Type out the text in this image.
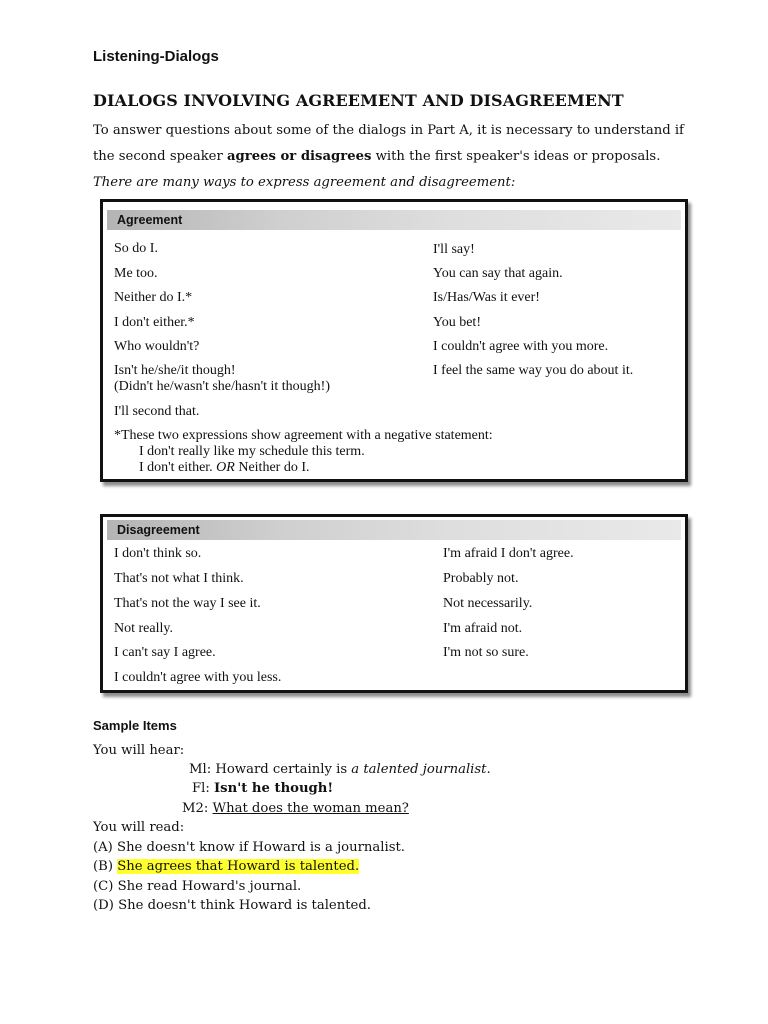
Listening-Dialogs
DIALOGS INVOLVING AGREEMENT AND DISAGREEMENT
To answer questions about some of the dialogs in Part A, it is necessary to understand if
the second speaker agrees or disagrees with the first speaker's ideas or proposals.
There are many ways to express agreement and disagreement:
Agreement
So do I.
Me too.
Neither do I.*
I don't either.*
Who wouldn't?
Isn't he/she/it though!
(Didn't he/wasn't she/hasn't it though!)
I'll second that.
I'll say!
You can say that again.
Is/Has/Was it ever!
You bet!
I couldn't agree with you more.
I feel the same way you do about it.
*These two expressions show agreement with a negative statement:
I don't really like my schedule this term.
I don't either. OR Neither do I.
Disagreement
I don't think so.
That's not what I think.
That's not the way I see it.
Not really.
I can't say I agree.
I couldn't agree with you less.
I'm afraid I don't agree.
Probably not.
Not necessarily.
I'm afraid not.
I'm not so sure.
Sample Items
You will hear:
Ml: Howard certainly is a talented journalist.
Fl: Isn't he though!
M2: What does the woman mean?
You will read:
(A) She doesn't know if Howard is a journalist.
(B) She agrees that Howard is talented.
(C) She read Howard's journal.
(D) She doesn't think Howard is talented.
